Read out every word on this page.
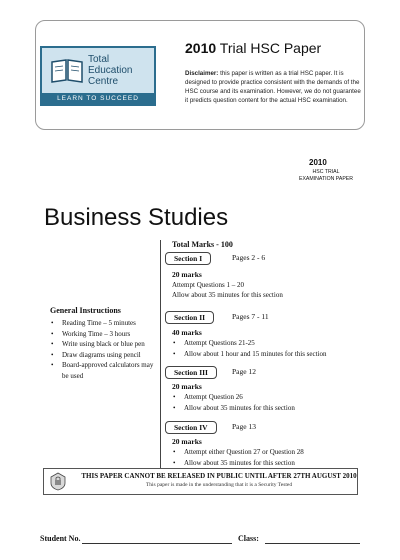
Total
Education
Centre
LEARN TO SUCCEED
2010 Trial HSC Paper
Disclaimer: this paper is written as a trial HSC paper. It is designed to provide practice consistent with the demands of the HSC course and its examination. However, we do not guarantee it predicts question content for the actual HSC examination.
2010
HSC TRIAL EXAMINATION PAPER
Business Studies
Total Marks - 100
Section I	Pages 2 - 6
20 marks
Attempt Questions 1 – 20
Allow about 35 minutes for this section
Section II	Pages 7 - 11
40 marks
• Attempt Questions 21-25
• Allow about 1 hour and 15 minutes for this section
Section III	Page 12
20 marks
• Attempt Question 26
• Allow about 35 minutes for this section
Section IV	Page 13
20 marks
• Attempt either Question 27 or Question 28
• Allow about 35 minutes for this section
General Instructions
• Reading Time – 5 minutes
• Working Time – 3 hours
• Write using black or blue pen
• Draw diagrams using pencil
• Board-approved calculators may be used
THIS PAPER CANNOT BE RELEASED IN PUBLIC UNTIL AFTER 27TH AUGUST 2010
This paper is made in the understanding that it is a Security Tested
Student No.	Class:
